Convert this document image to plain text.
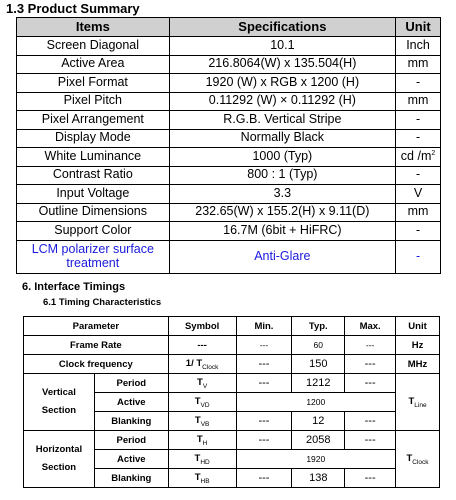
1.3 Product Summary
Items	Specifications	Unit
Screen Diagonal	10.1	Inch
Active Area	216.8064(W) x 135.504(H)	mm
Pixel Format	1920 (W) x RGB x 1200 (H)	-
Pixel Pitch	0.11292 (W) × 0.11292 (H)	mm
Pixel Arrangement	R.G.B. Vertical Stripe	-
Display Mode	Normally Black	-
White Luminance	1000 (Typ)	cd $/m^2$
Contrast Ratio	800 : 1 (Typ)	-
Input Voltage	3.3	V
Outline Dimensions	232.65(W) x 155.2(H) x 9.11(D)	mm
Support Color	16.7M (6bit + HiFRC)	-
LCM polarizer surface treatment	Anti-Glare	-
6. Interface Timings
6.1 Timing Characteristics
Parameter		Symbol	Min.	Typ.	Max.	Unit
Frame Rate		---	---	60	---	Hz
Clock frequency		1/ $T_{Clock}$	---	150	---	MHz
Vertical Section	Period	$T_V$	---	1212	---	$T_{Line}$
	Active	$T_{VD}$	1200			
	Blanking	$T_{VB}$	---	12	---	
Horizontal Section	Period	$T_H$	---	2058	---	$T_{Clock}$
	Active	$T_{HD}$	1920			
	Blanking	$T_{HB}$	---	138	---	
